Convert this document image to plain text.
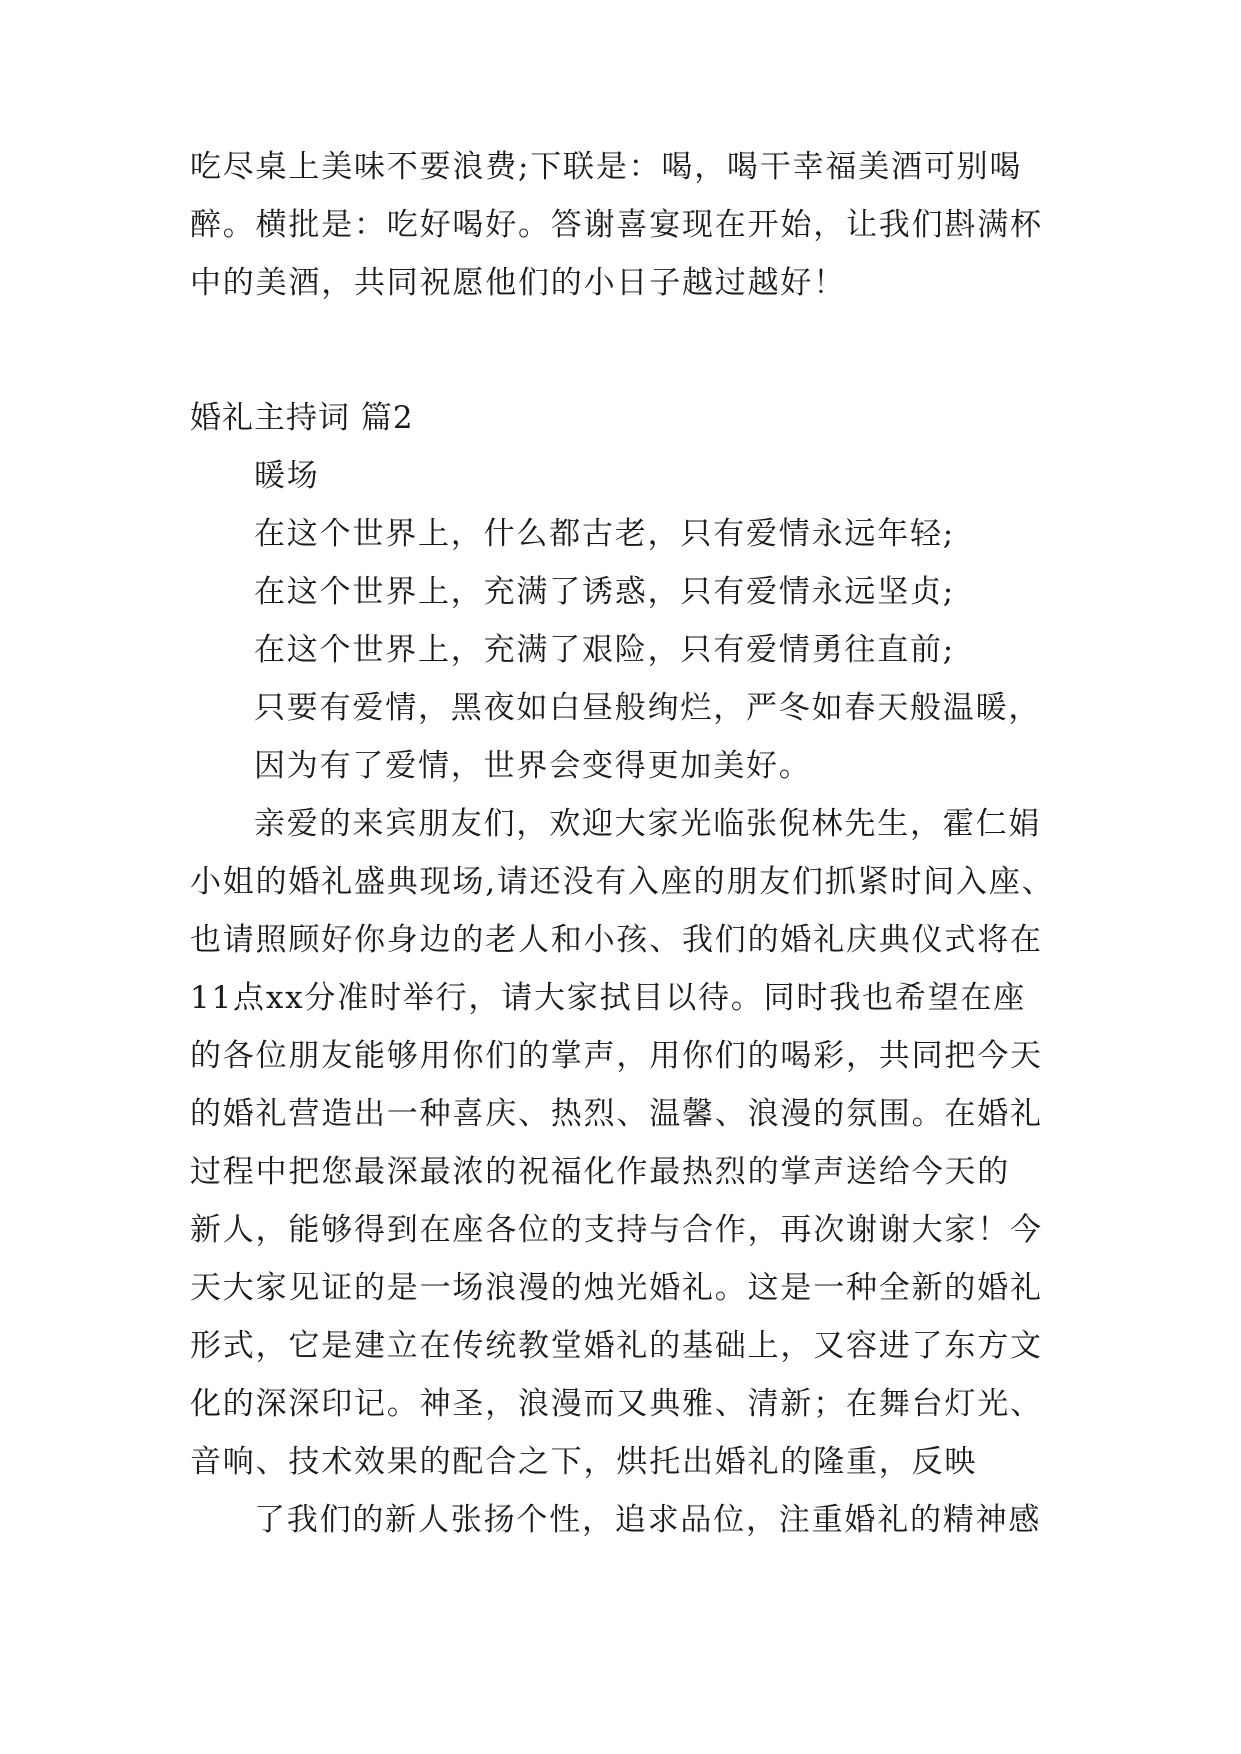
吃尽桌上美味不要浪费;下联是：喝，喝干幸福美酒可别喝
醉。横批是：吃好喝好。答谢喜宴现在开始，让我们斟满杯
中的美酒，共同祝愿他们的小日子越过越好！
婚礼主持词 篇2
暖场
在这个世界上，什么都古老，只有爱情永远年轻;
在这个世界上，充满了诱惑，只有爱情永远坚贞;
在这个世界上，充满了艰险，只有爱情勇往直前;
只要有爱情，黑夜如白昼般绚烂，严冬如春天般温暖，
因为有了爱情，世界会变得更加美好。
亲爱的来宾朋友们，欢迎大家光临张倪林先生，霍仁娟
小姐的婚礼盛典现场,请还没有入座的朋友们抓紧时间入座、
也请照顾好你身边的老人和小孩、我们的婚礼庆典仪式将在
11点xx分准时举行，请大家拭目以待。同时我也希望在座
的各位朋友能够用你们的掌声，用你们的喝彩，共同把今天
的婚礼营造出一种喜庆、热烈、温馨、浪漫的氛围。在婚礼
过程中把您最深最浓的祝福化作最热烈的掌声送给今天的
新人，能够得到在座各位的支持与合作，再次谢谢大家！今
天大家见证的是一场浪漫的烛光婚礼。这是一种全新的婚礼
形式，它是建立在传统教堂婚礼的基础上，又容进了东方文
化的深深印记。神圣，浪漫而又典雅、清新；在舞台灯光、
音响、技术效果的配合之下，烘托出婚礼的隆重，反映
了我们的新人张扬个性，追求品位，注重婚礼的精神感
